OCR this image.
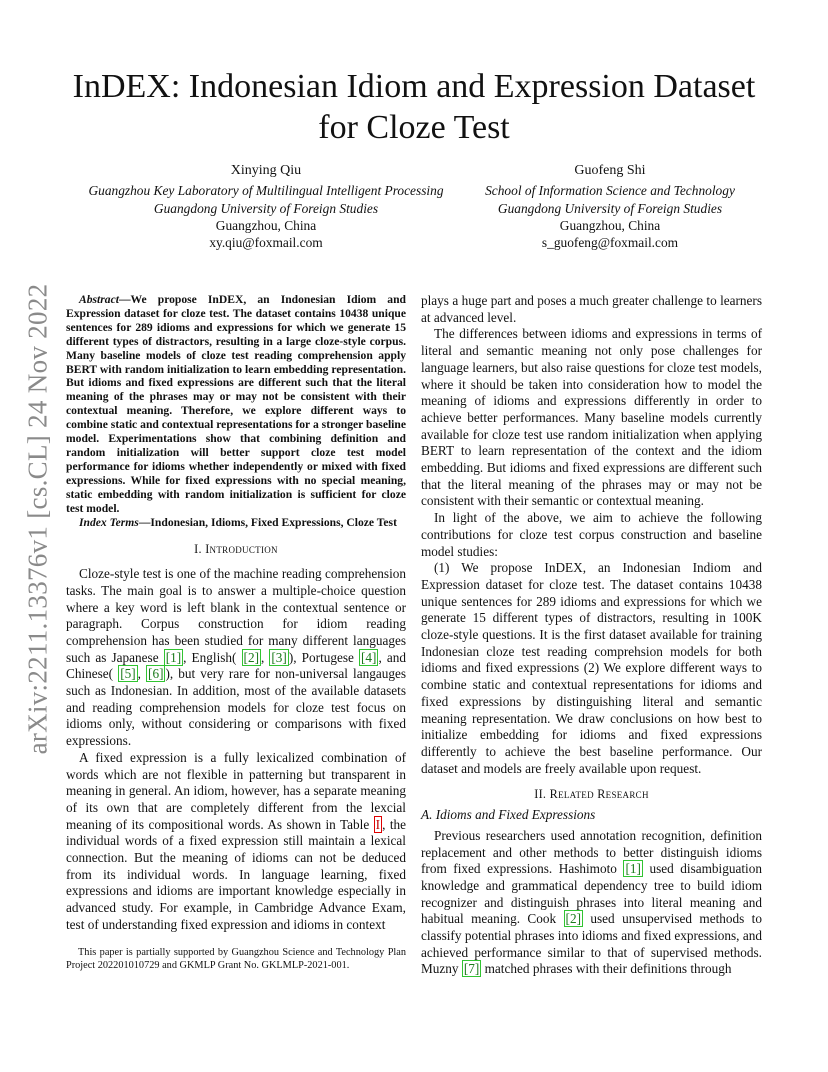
arXiv:2211.13376v1 [cs.CL] 24 Nov 2022
InDEX: Indonesian Idiom and Expression Dataset for Cloze Test
Xinying Qiu
Guangzhou Key Laboratory of Multilingual Intelligent Processing
Guangdong University of Foreign Studies
Guangzhou, China
xy.qiu@foxmail.com
Guofeng Shi
School of Information Science and Technology
Guangdong University of Foreign Studies
Guangzhou, China
s_guofeng@foxmail.com

Abstract—We propose InDEX, an Indonesian Idiom and Expression dataset for cloze test. The dataset contains 10438 unique sentences for 289 idioms and expressions for which we generate 15 different types of distractors, resulting in a large cloze-style corpus. Many baseline models of cloze test reading comprehension apply BERT with random initialization to learn embedding representation. But idioms and fixed expressions are different such that the literal meaning of the phrases may or may not be consistent with their contextual meaning. Therefore, we explore different ways to combine static and contextual representations for a stronger baseline model. Experimentations show that combining definition and random initialization will better support cloze test model performance for idioms whether independently or mixed with fixed expressions. While for fixed expressions with no special meaning, static embedding with random initialization is sufficient for cloze test model.

Index Terms—Indonesian, Idioms, Fixed Expressions, Cloze Test

I. Introduction

Cloze-style test is one of the machine reading comprehension tasks. The main goal is to answer a multiple-choice question where a key word is left blank in the contextual sentence or paragraph. Corpus construction for idiom reading comprehension has been studied for many different languages such as Japanese [1] , English( [2] , [3] ), Portugese [4] , and Chinese( [5] , [6] ), but very rare for non-universal langauges such as Indonesian. In addition, most of the available datasets and reading comprehension models for cloze test focus on idioms only, without considering or comparisons with fixed expressions.

A fixed expression is a fully lexicalized combination of words which are not flexible in patterning but transparent in meaning in general. An idiom, however, has a separate meaning of its own that are completely different from the lexcial meaning of its compositional words. As shown in Table I , the individual words of a fixed expression still maintain a lexical connection. But the meaning of idioms can not be deduced from its individual words. In language learning, fixed expressions and idioms are important knowledge especially in advanced study. For example, in Cambridge Advance Exam, test of understanding fixed expression and idioms in context

This paper is partially supported by Guangzhou Science and Technology Plan Project 202201010729 and GKMLP Grant No. GKLMLP-2021-001.

plays a huge part and poses a much greater challenge to learners at advanced level.

The differences between idioms and expressions in terms of literal and semantic meaning not only pose challenges for language learners, but also raise questions for cloze test models, where it should be taken into consideration how to model the meaning of idioms and expressions differently in order to achieve better performances. Many baseline models currently available for cloze test use random initialization when applying BERT to learn representation of the context and the idiom embedding. But idioms and fixed expressions are different such that the literal meaning of the phrases may or may not be consistent with their semantic or contextual meaning.

In light of the above, we aim to achieve the following contributions for cloze test corpus construction and baseline model studies:

(1) We propose InDEX, an Indonesian Indiom and Expression dataset for cloze test. The dataset contains 10438 unique sentences for 289 idioms and expressions for which we generate 15 different types of distractors, resulting in 100K cloze-style questions. It is the first dataset available for training Indonesian cloze test reading comprehsion models for both idioms and fixed expressions (2) We explore different ways to combine static and contextual representations for idioms and fixed expressions by distinguishing literal and semantic meaning representation. We draw conclusions on how best to initialize embedding for idioms and fixed expressions differently to achieve the best baseline performance. Our dataset and models are freely available upon request.

II. Related Research
A. Idioms and Fixed Expressions

Previous researchers used annotation recognition, definition replacement and other methods to better distinguish idioms from fixed expressions. Hashimoto [1] used disambiguation knowledge and grammatical dependency tree to build idiom recognizer and distinguish phrases into literal meaning and habitual meaning. Cook [2] used unsupervised methods to classify potential phrases into idioms and fixed expressions, and achieved performance similar to that of supervised methods. Muzny [7] matched phrases with their definitions through
